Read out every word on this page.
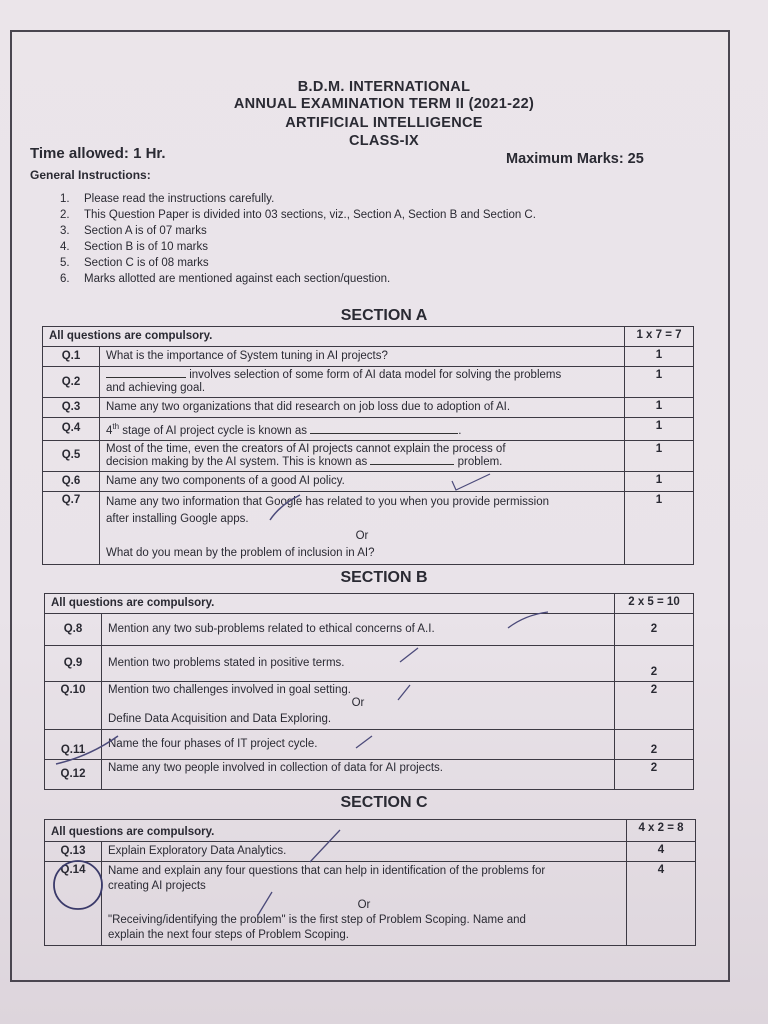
B.D.M. INTERNATIONAL
ANNUAL EXAMINATION TERM II (2021-22)
ARTIFICIAL INTELLIGENCE
CLASS-IX
Time allowed: 1 Hr.	Maximum Marks: 25
General Instructions:
1. Please read the instructions carefully.
2. This Question Paper is divided into 03 sections, viz., Section A, Section B and Section C.
3. Section A is of 07 marks
4. Section B is of 10 marks
5. Section C is of 08 marks
6. Marks allotted are mentioned against each section/question.
SECTION A
All questions are compulsory.		1 x 7 = 7
Q.1	What is the importance of System tuning in AI projects?	1
Q.2	involves selection of some form of AI data model for solving the problems
and achieving goal.	1
Q.3	Name any two organizations that did research on job loss due to adoption of AI.	1
Q.4	4th stage of AI project cycle is known as .	1
Q.5	Most of the time, even the creators of AI projects cannot explain the process of
decision making by the AI system. This is known as problem.	1
Q.6	Name any two components of a good AI policy.	1
Q.7	Name any two information that Google has related to you when you provide permission
after installing Google apps.
Or
What do you mean by the problem of inclusion in AI?	1
SECTION B
All questions are compulsory.		2 x 5 = 10
Q.8	Mention any two sub-problems related to ethical concerns of A.I.	2
Q.9	Mention two problems stated in positive terms.	2
Q.10	Mention two challenges involved in goal setting.
Or
Define Data Acquisition and Data Exploring.	2
Q.11	Name the four phases of IT project cycle.	2
Q.12	Name any two people involved in collection of data for AI projects.	2
SECTION C
All questions are compulsory.		4 x 2 = 8
Q.13	Explain Exploratory Data Analytics.	4
Q.14	Name and explain any four questions that can help in identification of the problems for
creating AI projects
Or
"Receiving/identifying the problem" is the first step of Problem Scoping. Name and
explain the next four steps of Problem Scoping.	4
